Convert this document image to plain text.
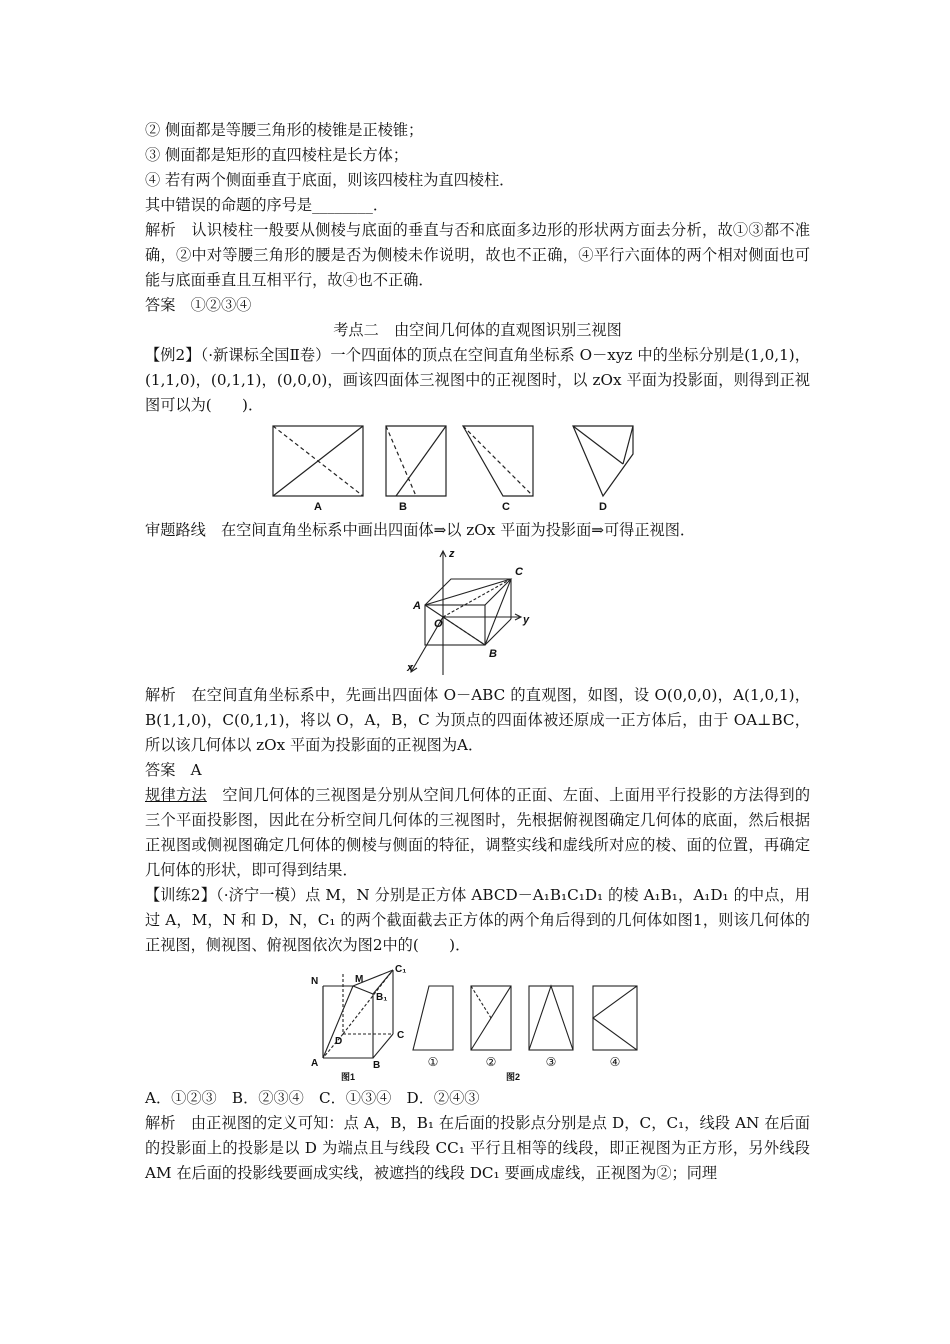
② 侧面都是等腰三角形的棱锥是正棱锥；

③ 侧面都是矩形的直四棱柱是长方体；

④ 若有两个侧面垂直于底面，则该四棱柱为直四棱柱．

其中错误的命题的序号是________．

解析　认识棱柱一般要从侧棱与底面的垂直与否和底面多边形的形状两方面去分析，故①③都不准确，②中对等腰三角形的腰是否为侧棱未作说明，故也不正确，④平行六面体的两个相对侧面也可能与底面垂直且互相平行，故④也不正确．

答案　①②③④

考点二　由空间几何体的直观图识别三视图

【例2】（·新课标全国Ⅱ卷）一个四面体的顶点在空间直角坐标系 O－xyz 中的坐标分别是(1,0,1)，(1,1,0)，(0,1,1)，(0,0,0)，画该四面体三视图中的正视图时，以 zOx 平面为投影面，则得到正视图可以为(　　)．

A	B	C	D

审题路线　在空间直角坐标系中画出四面体⇒以 zOx 平面为投影面⇒可得正视图．

z
y
x
A
O
B
C

解析　在空间直角坐标系中，先画出四面体 O－ABC 的直观图，如图，设 O(0,0,0)，A(1,0,1)，B(1,1,0)，C(0,1,1)，将以 O，A，B，C 为顶点的四面体被还原成一正方体后，由于 OA⊥BC，所以该几何体以 zOx 平面为投影面的正视图为A．

答案　A

规律方法　 空间几何体的三视图是分别从空间几何体的正面、左面、上面用平行投影的方法得到的三个平面投影图，因此在分析空间几何体的三视图时，先根据俯视图确定几何体的底面，然后根据正视图或侧视图确定几何体的侧棱与侧面的特征，调整实线和虚线所对应的棱、面的位置，再确定几何体的形状，即可得到结果．

【训练2】（·济宁一模）点 M，N 分别是正方体 ABCD－A₁B₁C₁D₁ 的棱 A₁B₁，A₁D₁ 的中点，用过 A，M，N 和 D，N，C₁ 的两个截面截去正方体的两个角后得到的几何体如图1，则该几何体的正视图，侧视图、俯视图依次为图2中的(　　)．

N	M
C₁
B₁
D
C
A	B	①	②	③	④
图1	图2

A．①②③　B．②③④　C．①③④　D．②④③

解析　由正视图的定义可知：点 A，B，B₁ 在后面的投影点分别是点 D，C，C₁，线段 AN 在后面的投影面上的投影是以 D 为端点且与线段 CC₁ 平行且相等的线段，即正视图为正方形，另外线段 AM 在后面的投影线要画成实线，被遮挡的线段 DC₁ 要画成虚线，正视图为②；同理
